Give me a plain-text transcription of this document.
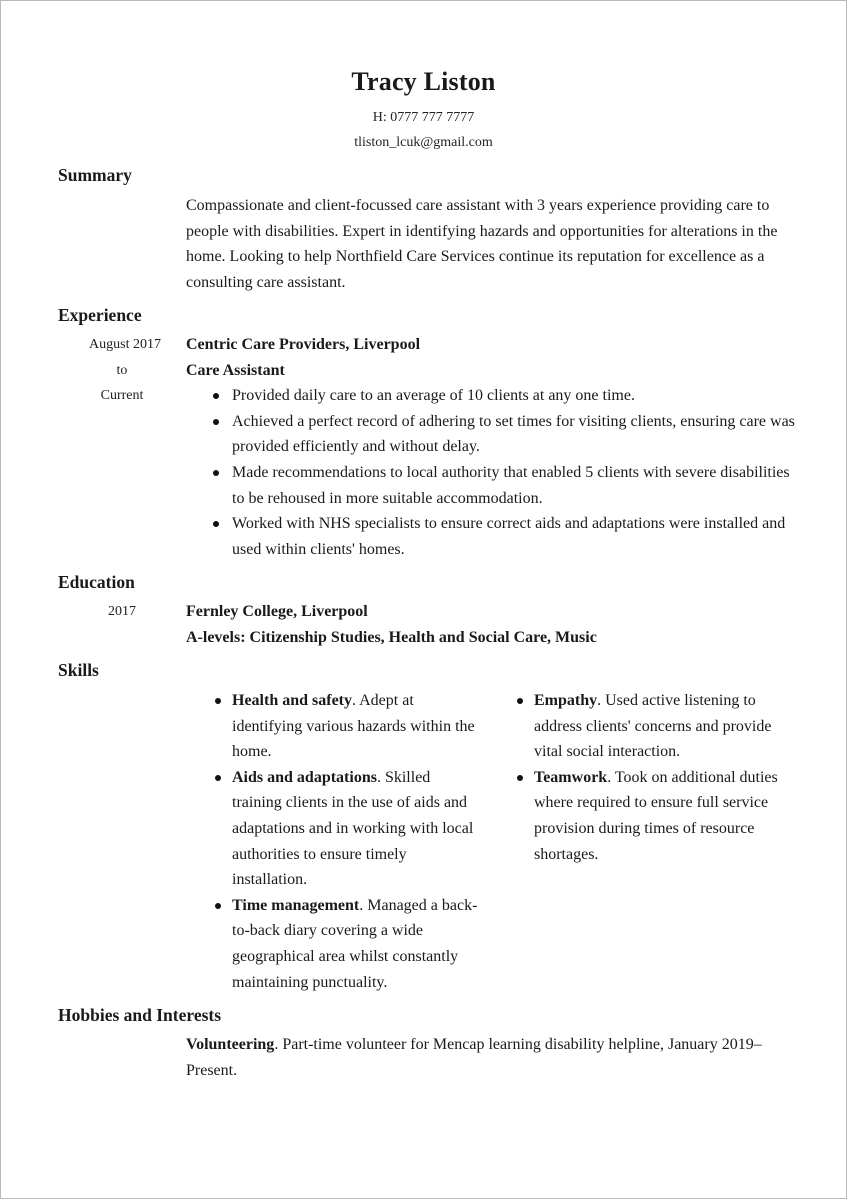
Tracy Liston
H: 0777 777 7777
tliston_lcuk@gmail.com
Summary
Compassionate and client-focussed care assistant with 3 years experience providing care to people with disabilities. Expert in identifying hazards and opportunities for alterations in the home. Looking to help Northfield Care Services continue its reputation for excellence as a consulting care assistant.
Experience
August 2017
to
Current
Centric Care Providers, Liverpool
Care Assistant
Provided daily care to an average of 10 clients at any one time.
Achieved a perfect record of adhering to set times for visiting clients, ensuring care was provided efficiently and without delay.
Made recommendations to local authority that enabled 5 clients with severe disabilities to be rehoused in more suitable accommodation.
Worked with NHS specialists to ensure correct aids and adaptations were installed and used within clients' homes.
Education
2017	Fernley College, Liverpool
A-levels: Citizenship Studies, Health and Social Care, Music
Skills
Health and safety. Adept at identifying various hazards within the home.
Aids and adaptations. Skilled training clients in the use of aids and adaptations and in working with local authorities to ensure timely installation.
Time management. Managed a back-to-back diary covering a wide geographical area whilst constantly maintaining punctuality.
Empathy. Used active listening to address clients' concerns and provide vital social interaction.
Teamwork. Took on additional duties where required to ensure full service provision during times of resource shortages.
Hobbies and Interests
Volunteering. Part-time volunteer for Mencap learning disability helpline, January 2019–Present.
